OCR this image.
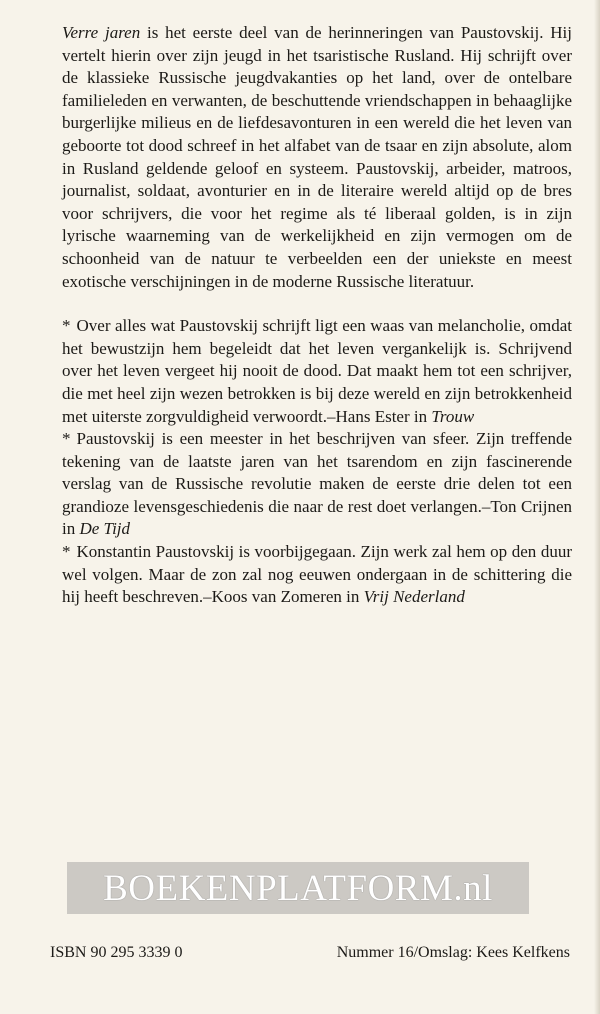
Verre jaren is het eerste deel van de herinneringen van Paustovskij. Hij vertelt hierin over zijn jeugd in het tsaristische Rusland. Hij schrijft over de klassieke Russische jeugdvakanties op het land, over de ontelbare familieleden en verwanten, de beschuttende vriendschappen in behaaglijke burgerlijke milieus en de liefdesavonturen in een wereld die het leven van geboorte tot dood schreef in het alfabet van de tsaar en zijn absolute, alom in Rusland geldende geloof en systeem. Paustovskij, arbeider, matroos, journalist, soldaat, avonturier en in de literaire wereld altijd op de bres voor schrijvers, die voor het regime als té liberaal golden, is in zijn lyrische waarneming van de werkelijkheid en zijn vermogen om de schoonheid van de natuur te verbeelden een der uniekste en meest exotische verschijningen in de moderne Russische literatuur.

* Over alles wat Paustovskij schrijft ligt een waas van melancholie, omdat het bewustzijn hem begeleidt dat het leven vergankelijk is. Schrijvend over het leven vergeet hij nooit de dood. Dat maakt hem tot een schrijver, die met heel zijn wezen betrokken is bij deze wereld en zijn betrokkenheid met uiterste zorgvuldigheid verwoordt.–Hans Ester in Trouw

* Paustovskij is een meester in het beschrijven van sfeer. Zijn treffende tekening van de laatste jaren van het tsarendom en zijn fascinerende verslag van de Russische revolutie maken de eerste drie delen tot een grandioze levensgeschiedenis die naar de rest doet verlangen.–Ton Crijnen in De Tijd

* Konstantin Paustovskij is voorbijgegaan. Zijn werk zal hem op den duur wel volgen. Maar de zon zal nog eeuwen ondergaan in de schittering die hij heeft beschreven.–Koos van Zomeren in Vrij Nederland

BOEKENPLATFORM.nl
ISBN 90 295 3339 0	Nummer 16/Omslag: Kees Kelfkens
